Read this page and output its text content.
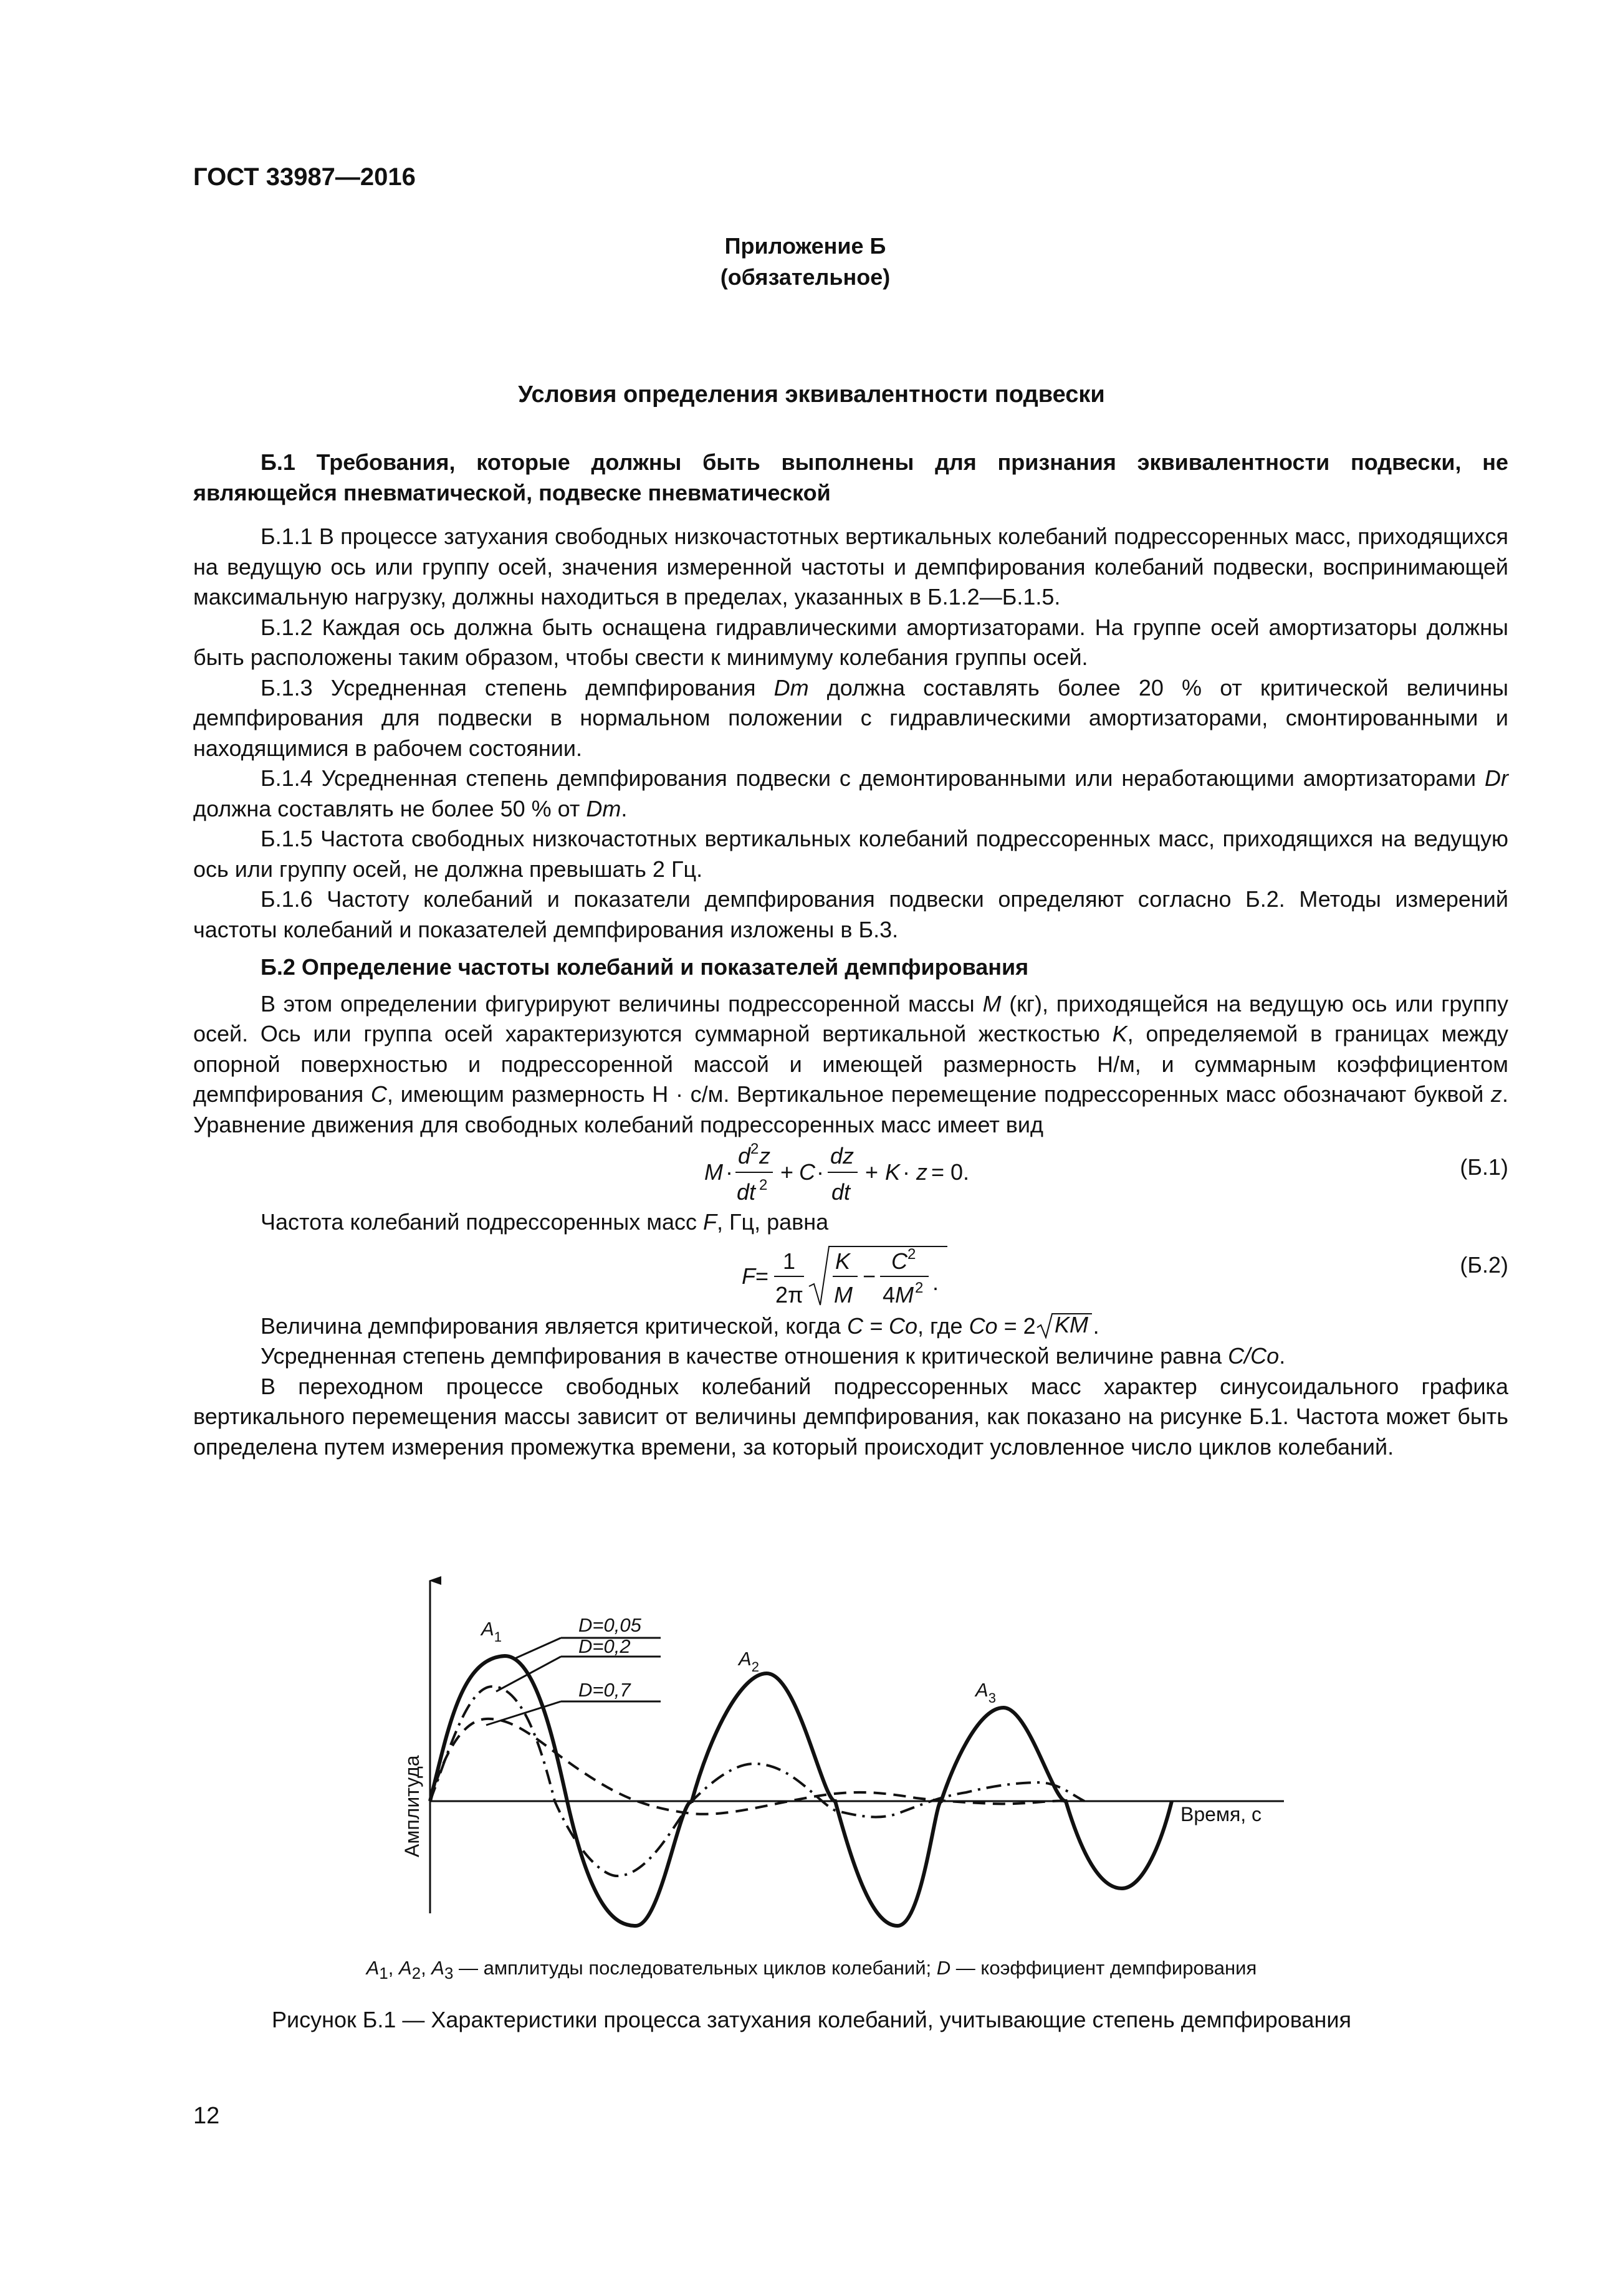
ГОСТ 33987—2016
Приложение Б
(обязательное)
Условия определения эквивалентности подвески

Б.1 Требования, которые должны быть выполнены для признания эквивалентности подвески, не являющейся пневматической, подвеске пневматической

Б.1.1 В процессе затухания свободных низкочастотных вертикальных колебаний подрессоренных масс, приходящихся на ведущую ось или группу осей, значения измеренной частоты и демпфирования колебаний подвески, воспринимающей максимальную нагрузку, должны находиться в пределах, указанных в Б.1.2—Б.1.5.

Б.1.2 Каждая ось должна быть оснащена гидравлическими амортизаторами. На группе осей амортизаторы должны быть расположены таким образом, чтобы свести к минимуму колебания группы осей.

Б.1.3 Усредненная степень демпфирования Dm должна составлять более 20 % от критической величины демпфирования для подвески в нормальном положении с гидравлическими амортизаторами, смонтированными и находящимися в рабочем состоянии.

Б.1.4 Усредненная степень демпфирования подвески с демонтированными или неработающими амортизаторами Dr должна составлять не более 50 % от Dm.

Б.1.5 Частота свободных низкочастотных вертикальных колебаний подрессоренных масс, приходящихся на ведущую ось или группу осей, не должна превышать 2 Гц.

Б.1.6 Частоту колебаний и показатели демпфирования подвески определяют согласно Б.2. Методы измерений частоты колебаний и показателей демпфирования изложены в Б.3.

Б.2 Определение частоты колебаний и показателей демпфирования

В этом определении фигурируют величины подрессоренной массы M (кг), приходящейся на ведущую ось или группу осей. Ось или группа осей характеризуются суммарной вертикальной жесткостью K, определяемой в границах между опорной поверхностью и подрессоренной массой и имеющей размерность Н/м, и суммарным коэффициентом демпфирования C, имеющим размерность Н · с/м. Вертикальное перемещение подрессоренных масс обозначают буквой z. Уравнение движения для свободных колебаний подрессоренных масс имеет вид

M ·
d 2 z
dt 2
+ C ·
dz
dt
+ K · z = 0.	(Б.1)

Частота колебаний подрессоренных масс F, Гц, равна

F =
1
2π
K
M
−
C 2
4 M 2 .
(Б.2)

Величина демпфирования является критической, когда C = Co, где Co = 2 KM .

Усредненная степень демпфирования в качестве отношения к критической величине равна C/Co.

В переходном процессе свободных колебаний подрессоренных масс характер синусоидального графика вертикального перемещения массы зависит от величины демпфирования, как показано на рисунке Б.1. Частота может быть определена путем измерения промежутка времени, за который происходит условленное число циклов колебаний.

Амплитуда	Время, с
D=0,05
D=0,2
D=0,7
$A_1$
$A_2$
$A_3$
$A_1$, $A_2$, $A_3$ — амплитуды последовательных циклов колебаний; D — коэффициент демпфирования
Рисунок Б.1 — Характеристики процесса затухания колебаний, учитывающие степень демпфирования
12
